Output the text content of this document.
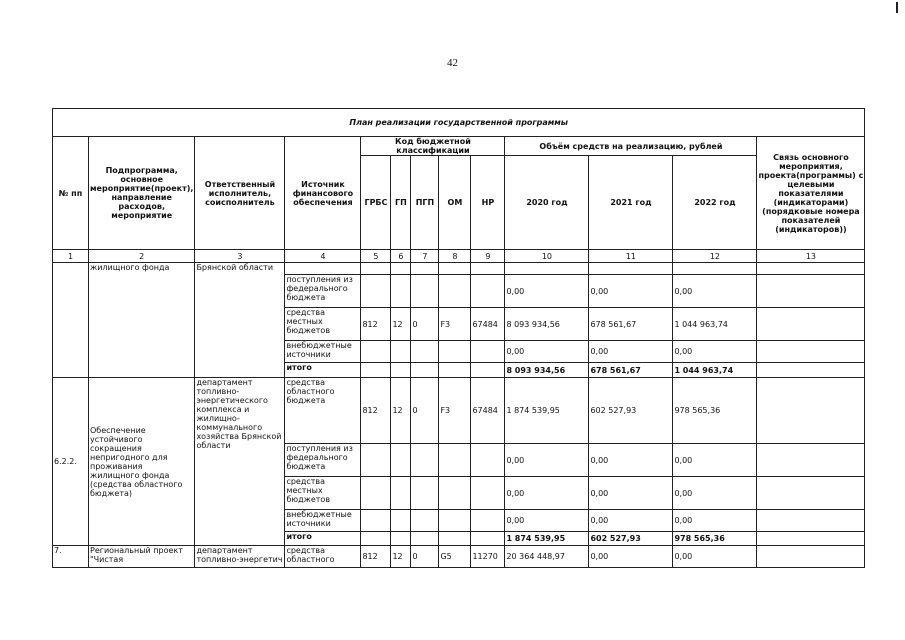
42
План реализации государственной программы												
№ пп	Подпрограмма, основное мероприятие(проект), направление расходов, мероприятие	Ответственный исполнитель, соисполнитель	Источник финансового обеспечения	Код бюджетной классификации					Объём средств на реализацию, рублей			Связь основного мероприятия, проекта(программы) с целевыми показателями (индикаторами) (порядковые номера показателей (индикаторов))
				ГРБС	ГП	ПГП	ОМ	НР	2020 год	2021 год	2022 год	
1	2	3	4	5	6	7	8	9	10	11	12	13
	жилищного фонда	Брянской области										
			поступления из федерального бюджета						0,00	0,00	0,00	
			средства местных бюджетов	812	12	0	F3	67484	8 093 934,56	678 561,67	1 044 963,74	
			внебюджетные источники						0,00	0,00	0,00	
			итого						8 093 934,56	678 561,67	1 044 963,74	
6.2.2.	Обеспечение устойчивого сокращения непригодного для проживания жилищного фонда (средства областного бюджета)	департамент топливно-энергетического комплекса и жилищно-коммунального хозяйства Брянской области	средства областного бюджета	812	12	0	F3	67484	1 874 539,95	602 527,93	978 565,36	
			поступления из федерального бюджета						0,00	0,00	0,00	
			средства местных бюджетов						0,00	0,00	0,00	
			внебюджетные источники						0,00	0,00	0,00	
			итого						1 874 539,95	602 527,93	978 565,36	
7.	Региональный проект "Чистая	департамент топливно-энергетич	средства областного	812	12	0	G5	11270	20 364 448,97	0,00	0,00	
